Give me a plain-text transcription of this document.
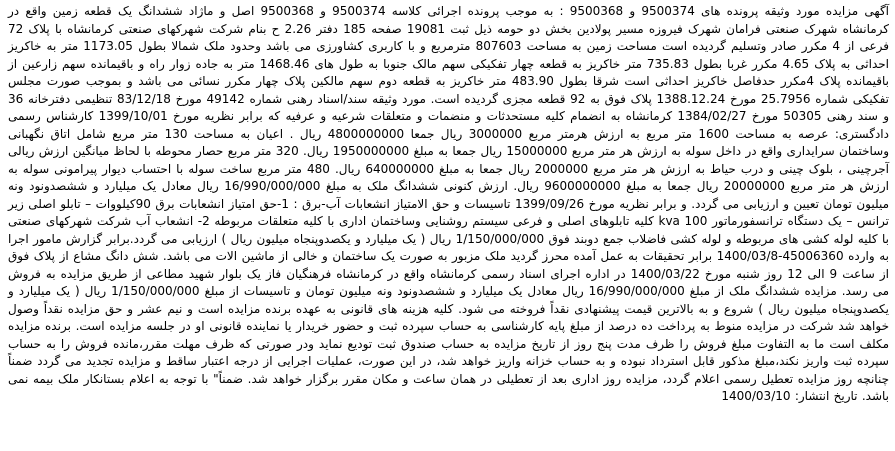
آگهی مزایده مورد وثیقه پرونده های 9500374 و 9500368 : به موجب پرونده اجرائی کلاسه 9500374 و 9500368 اصل و ماژاد ششدانگ یک قطعه زمین واقع در کرمانشاه شهرک صنعتی فرامان شهرک فیروزه مسیر پولادین بخش دو حومه ذیل ثبت 19081 صفحه 185 دفتر 2.26 ح بنام شرکت شهرکهای صنعتی کرمانشاه با پلاک 72 فرعی از 4 مکرر صادر وتسلیم گردیده است مساحت زمین به مساحت 807603 مترمربع و با کاربری کشاورزی می باشد وحدود ملک شمالا بطول 1173.05 متر به خاکریز احداثی به پلاک 4.65 مکرر غربا بطول 735.83 متر خاکریز به قطعه چهار تفکیکی سهم مالک جنوبا به طول های 1468.46 متر به جاده زوار راه و باقیمانده سهم زارعین از باقیمانده پلاک 4مکرر حدفاصل خاکریز احداثی است شرقا بطول 483.90 متر خاکریز به قطعه دوم سهم مالکین پلاک چهار مکرر نسائی می باشد و بموجب صورت مجلس تفکیکی شماره 25.7956 مورخ 1388.12.24 پلاک فوق به 92 قطعه مجزی گردیده است. مورد وثیقه سند/اسناد رهنی شماره 49142 مورخ 83/12/18 تنظیمی دفترخانه 36 و سند رهنی 50305 مورخ 1384/02/27 کرمانشاه به انضمام کلیه مستحدثات و منضمات و متعلقات شرعیه و عرفیه که برابر نظریه مورخ 1399/10/01 کارشناس رسمی دادگستری: عرصه به مساحت 1600 متر مربع به ارزش هرمتر مربع 3000000 ریال جمعا 4800000000 ریال . اعیان به مساحت 130 متر مربع شامل اتاق نگهبانی وساختمان سرایداری واقع در داخل سوله به ارزش هر متر مربع 15000000 ریال جمعا به مبلغ 1950000000 ریال. 320 متر مربع حصار محوطه با لحاظ میانگین ارزش ریالی آجرچینی ، بلوک چینی و درب حیاط به ارزش هر متر مربع 2000000 ریال جمعا به مبلغ 640000000 ریال. 480 متر مربع ساخت سوله با احتساب دیوار پیرامونی سوله به ارزش هر متر مربع 20000000 ریال جمعا به مبلغ 9600000000 ریال. ارزش کنونی ششدانگ ملک به مبلغ 16/990/000/000 ریال معادل یک میلیارد و ششصدونود ونه میلیون تومان تعیین و ارزیابی می گردد. و برابر نظریه مورخ 1399/09/26 تاسیسات و حق الامتیاز انشعابات آب-برق : 1-حق امتیاز انشعابات برق 90کیلووات – تابلو اصلی زیر ترانس – یک دستگاه ترانسفورماتور kva 100 کلیه تابلوهای اصلی و فرعی سیستم روشنایی وساختمان اداری با کلیه متعلقات مربوطه 2- انشعاب آب شرکت شهرکهای صنعتی با کلیه لوله کشی های مربوطه و لوله کشی فاضلاب جمع دوبند فوق 1/150/000/000 ریال ( یک میلیارد و یکصدوپنجاه میلیون ریال ) ارزیابی می گردد.برابر گزارش مامور اجرا به وارده 45006360-1400/03/8 برابر تحقیقات به عمل آمده محرز گردید ملک مزبور به صورت یک ساختمان و خالی از ماشین الات می باشد. شش دانگ مشاع از پلاک فوق از ساعت 9 الی 12 روز شنبه مورخ 1400/03/22 در اداره اجرای اسناد رسمی کرمانشاه واقع در کرمانشاه فرهنگیان فاز یک بلوار شهید مطاعی از طریق مزایده به فروش می رسد. مزایده ششدانگ ملک از مبلغ 16/990/000/000 ریال معادل یک میلیارد و ششصدونود ونه میلیون تومان و تاسیسات از مبلغ 1/150/000/000 ریال ( یک میلیارد و یکصدوپنجاه میلیون ریال ) شروع و به بالاترین قیمت پیشنهادی نقداً فروخته می شود. کلیه هزینه های قانونی به عهده برنده مزایده است و نیم عشر و حق مزایده نقداً وصول خواهد شد شرکت در مزایده منوط به پرداخت ده درصد از مبلغ پایه کارشناسی به حساب سپرده ثبت و حضور خریدار یا نماینده قانونی او در جلسه مزایده است. برنده مزایده مکلف است ما به التفاوت مبلغ فروش را ظرف مدت پنج روز از تاریخ مزایده به حساب صندوق ثبت تودیع نماید ودر صورتی که ظرف مهلت مقرر،مانده فروش را به حساب سپرده ثبت واریز نکند،مبلغ مذکور قابل استرداد نبوده و به حساب خزانه واریز خواهد شد، در این صورت، عملیات اجرایی از درجه اعتبار ساقط و مزایده تجدید می گردد ضمناً چنانچه روز مزایده تعطیل رسمی اعلام گردد، مزایده روز اداری بعد از تعطیلی در همان ساعت و مکان مقرر برگزار خواهد شد. ضمناً" با توجه به اعلام بستانکار ملک بیمه نمی باشد. تاریخ انتشار: 1400/03/10
